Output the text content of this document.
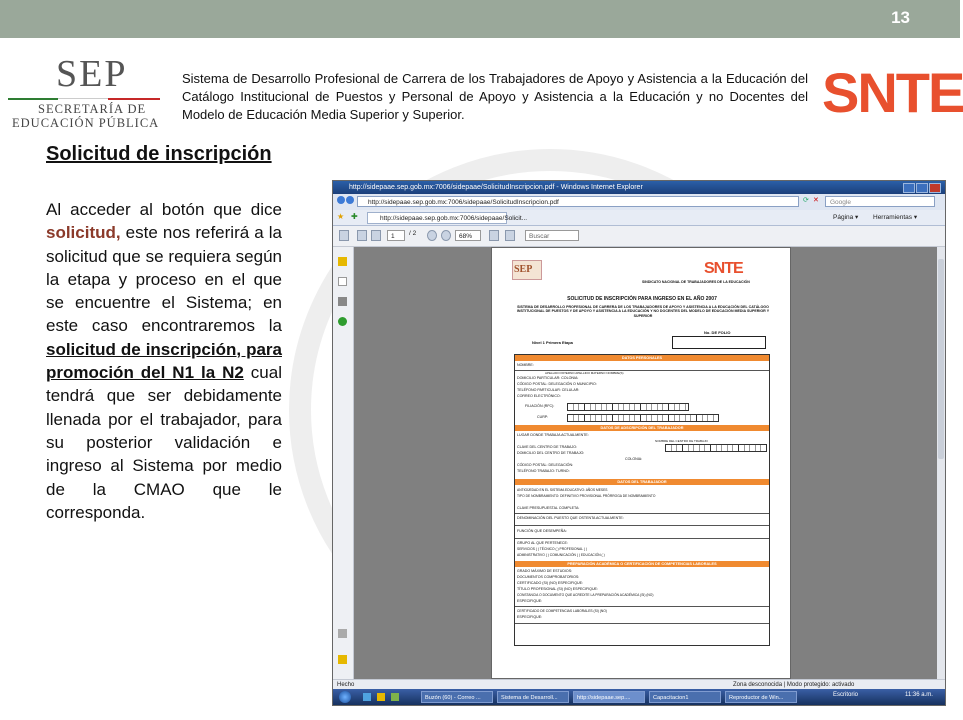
13
SEP
SECRETARÍA DE
EDUCACIÓN PÚBLICA
Sistema de Desarrollo Profesional de Carrera de los Trabajadores de Apoyo y Asistencia a la Educación del Catálogo Institucional de Puestos y Personal de Apoyo y Asistencia a la Educación y no Docentes del Modelo de Educación Media Superior y Superior.	SNTE
Solicitud de inscripción
Al acceder al botón que dice solicitud, este nos referirá a la solicitud que se requiera según la etapa y proceso en el que se encuentre el Sistema; en este caso encontraremos la solicitud de inscripción, para promoción del N1 la N2 cual tendrá que ser debidamente llenada por el trabajador, para su posterior validación e ingreso al Sistema por medio de la CMAO que le corresponda.
http://sidepaae.sep.gob.mx:7006/sidepaae/SolicitudInscripcion.pdf - Windows Internet Explorer
http://sidepaae.sep.gob.mx:7006/sidepaae/SolicitudInscripcion.pdf	⟳ ✕	Google
★ ✚	http://sidepaae.sep.gob.mx:7006/sidepaae/Solicit...	Página ▾ Herramientas ▾
1	/ 2	68%	Buscar
SEP	SNTE
SINDICATO NACIONAL DE TRABAJADORES DE LA EDUCACIÓN
SOLICITUD DE INSCRIPCIÓN PARA INGRESO EN EL AÑO 2007
SISTEMA DE DESARROLLO PROFESIONAL DE CARRERA DE LOS TRABAJADORES DE APOYO Y ASISTENCIA A LA EDUCACIÓN DEL CATÁLOGO INSTITUCIONAL DE PUESTOS Y DE APOYO Y ASISTENCIA A LA EDUCACIÓN Y NO DOCENTES DEL MODELO DE EDUCACIÓN MEDIA SUPERIOR Y SUPERIOR
No. DE FOLIO
Nivel 1 Primera Etapa
DATOS PERSONALES
NOMBRE:
APELLIDO PATERNO APELLIDO MATERNO NOMBRE(S)
DOMICILIO PARTICULAR: COLONIA:
CÓDIGO POSTAL: DELEGACIÓN O MUNICIPIO:
TELÉFONO PARTICULAR: CELULAR:
CORREO ELECTRÓNICO:
FILIACIÓN (RFC):
CURP:
DATOS DE ADSCRIPCIÓN DEL TRABAJADOR
LUGAR DONDE TRABAJA ACTUALMENTE:
NOMBRE DEL CENTRO DE TRABAJO
CLAVE DEL CENTRO DE TRABAJO:
DOMICILIO DEL CENTRO DE TRABAJO:
COLONIA:
CÓDIGO POSTAL: DELEGACIÓN:
TELÉFONO TRABAJO: TURNO:
DATOS DEL TRABAJADOR
ANTIGÜEDAD EN EL SISTEMA EDUCATIVO: AÑOS MESES
TIPO DE NOMBRAMIENTO: DEFINITIVO PROVISIONAL PRÓRROGA DE NOMBRAMIENTO
CLAVE PRESUPUESTAL COMPLETA:
DENOMINACIÓN DEL PUESTO QUE OSTENTA ACTUALMENTE:
FUNCIÓN QUE DESEMPEÑA:
GRUPO AL QUE PERTENECE:
SERVICIOS ( ) TÉCNICO ( ) PROFESIONAL ( )
ADMINISTRATIVO ( ) COMUNICACIÓN ( ) EDUCACIÓN ( )
PREPARACIÓN ACADÉMICA O CERTIFICACIÓN DE COMPETENCIAS LABORALES
GRADO MÁXIMO DE ESTUDIOS:
DOCUMENTOS COMPROBATORIOS:
CERTIFICADO (SI) (NO) ESPECIFIQUE:
TÍTULO PROFESIONAL (SI) (NO) ESPECIFIQUE:
CONSTANCIA O DOCUMENTO QUE ACREDITE LA PREPARACIÓN ACADÉMICA (SI) (NO)
ESPECIFIQUE:
CERTIFICADO DE COMPETENCIAS LABORALES (SI) (NO)
ESPECIFIQUE:
Hecho	Zona desconocida | Modo protegido: activado
Buzón (60) - Correo ...	Sistema de Desarroll...	http://sidepaae.sep....	Capacitacion1	Reproductor de Win...	Escritorio	11:36 a.m.
